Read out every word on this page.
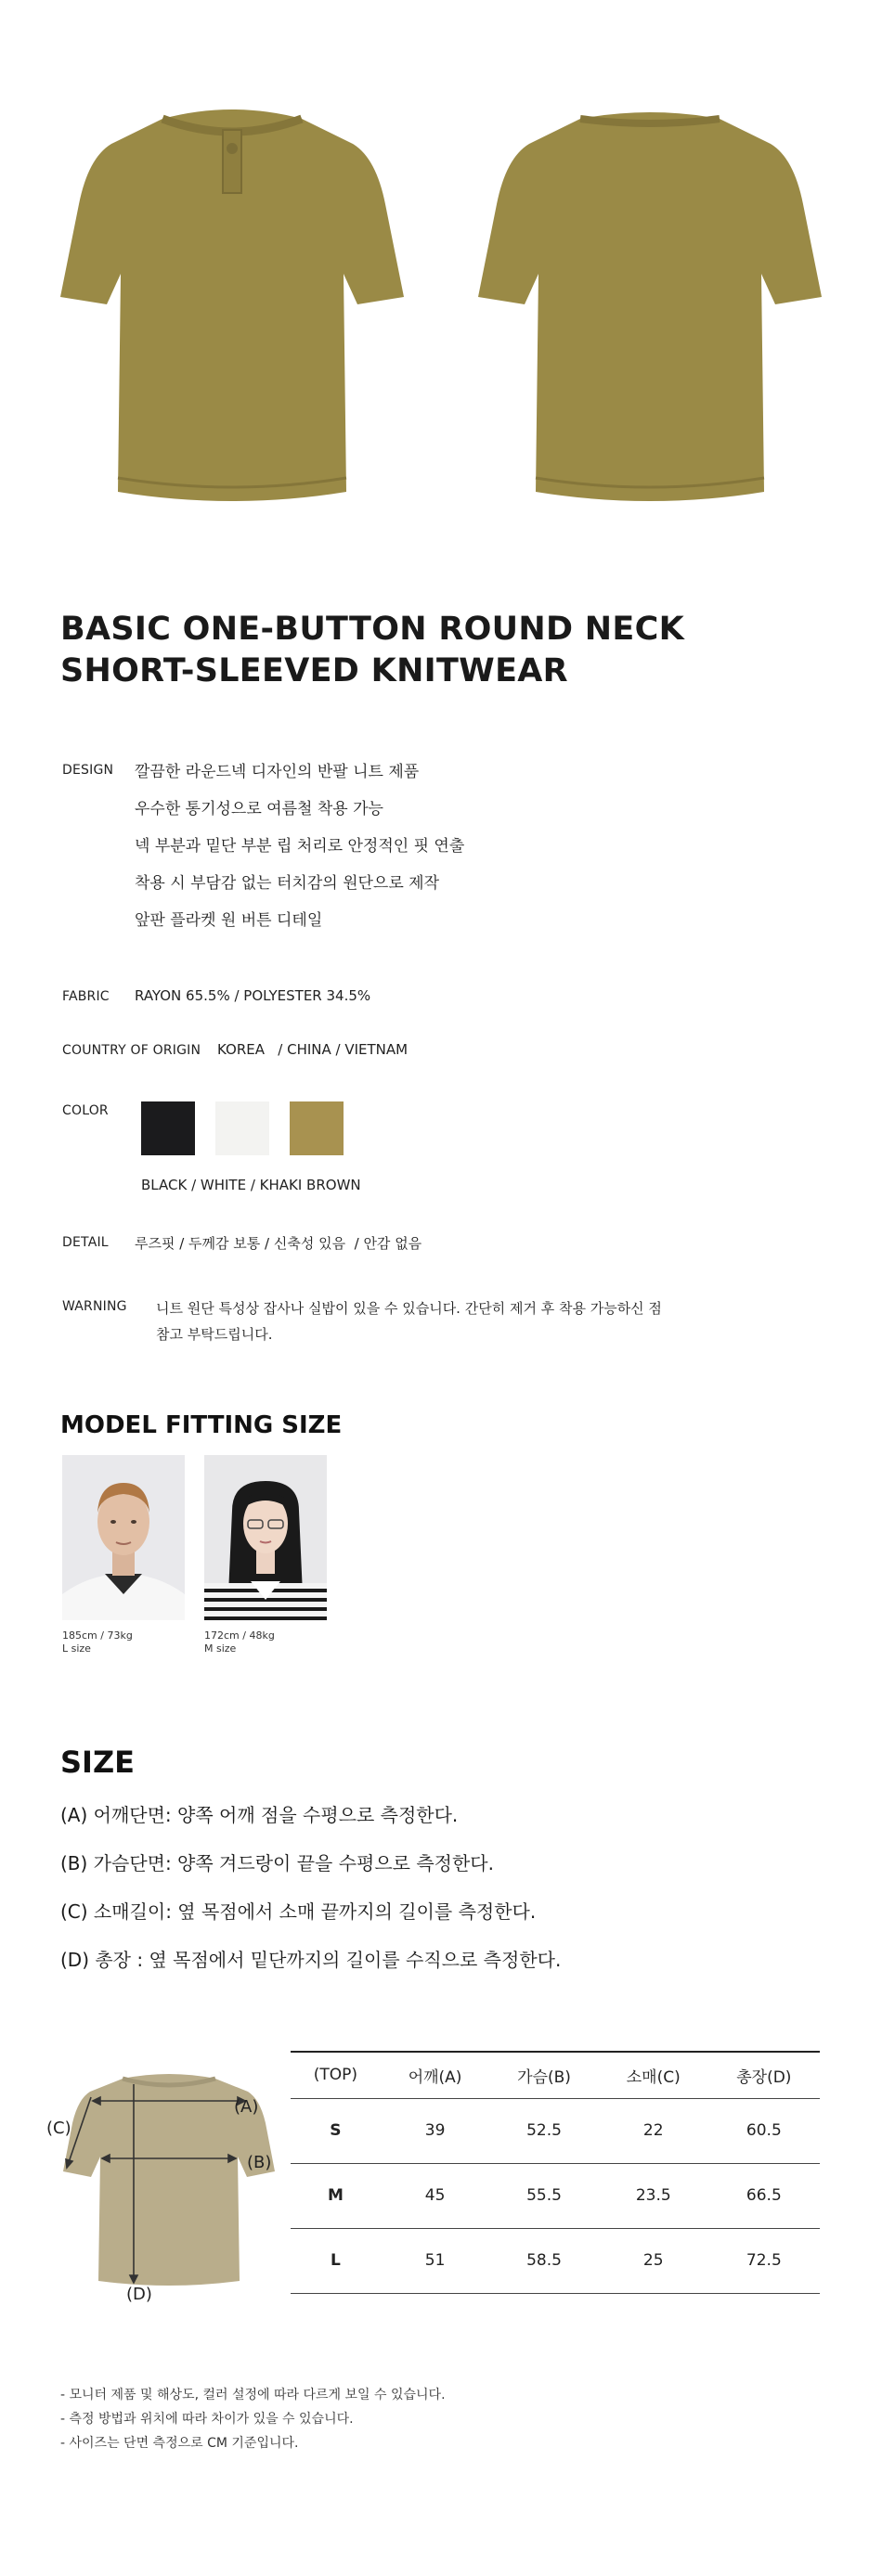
BASIC ONE-BUTTON ROUND NECK
SHORT-SLEEVED KNITWEAR
DESIGN 깔끔한 라운드넥 디자인의 반팔 니트 제품
우수한 통기성으로 여름철 착용 가능
넥 부분과 밑단 부분 립 처리로 안정적인 핏 연출
착용 시 부담감 없는 터치감의 원단으로 제작
앞판 플라켓 원 버튼 디테일
FABRIC RAYON 65.5% / POLYESTER 34.5%
COUNTRY OF ORIGIN KOREA   / CHINA / VIETNAM
COLOR
BLACK / WHITE / KHAKI BROWN
DETAIL 루즈핏 / 두께감 보통 / 신축성 있음  / 안감 없음
WARNING 니트 원단 특성상 잡사나 실밥이 있을 수 있습니다. 간단히 제거 후 착용 가능하신 점
참고 부탁드립니다.
MODEL FITTING SIZE
185cm / 73kg
L size
172cm / 48kg
M size
SIZE
(A) 어깨단면: 양쪽 어깨 점을 수평으로 측정한다.
(B) 가슴단면: 양쪽 겨드랑이 끝을 수평으로 측정한다.
(C) 소매길이: 옆 목점에서 소매 끝까지의 길이를 측정한다.
(D) 총장 : 옆 목점에서 밑단까지의 길이를 수직으로 측정한다.
(A)
(B)
(C)
(D)
(TOP)	어깨(A)	가슴(B)	소매(C)	총장(D)
S	39	52.5	22	60.5
M	45	55.5	23.5	66.5
L	51	58.5	25	72.5
- 모니터 제품 및 해상도, 컬러 설정에 따라 다르게 보일 수 있습니다.
- 측정 방법과 위치에 따라 차이가 있을 수 있습니다.
- 사이즈는 단면 측정으로 CM 기준입니다.
